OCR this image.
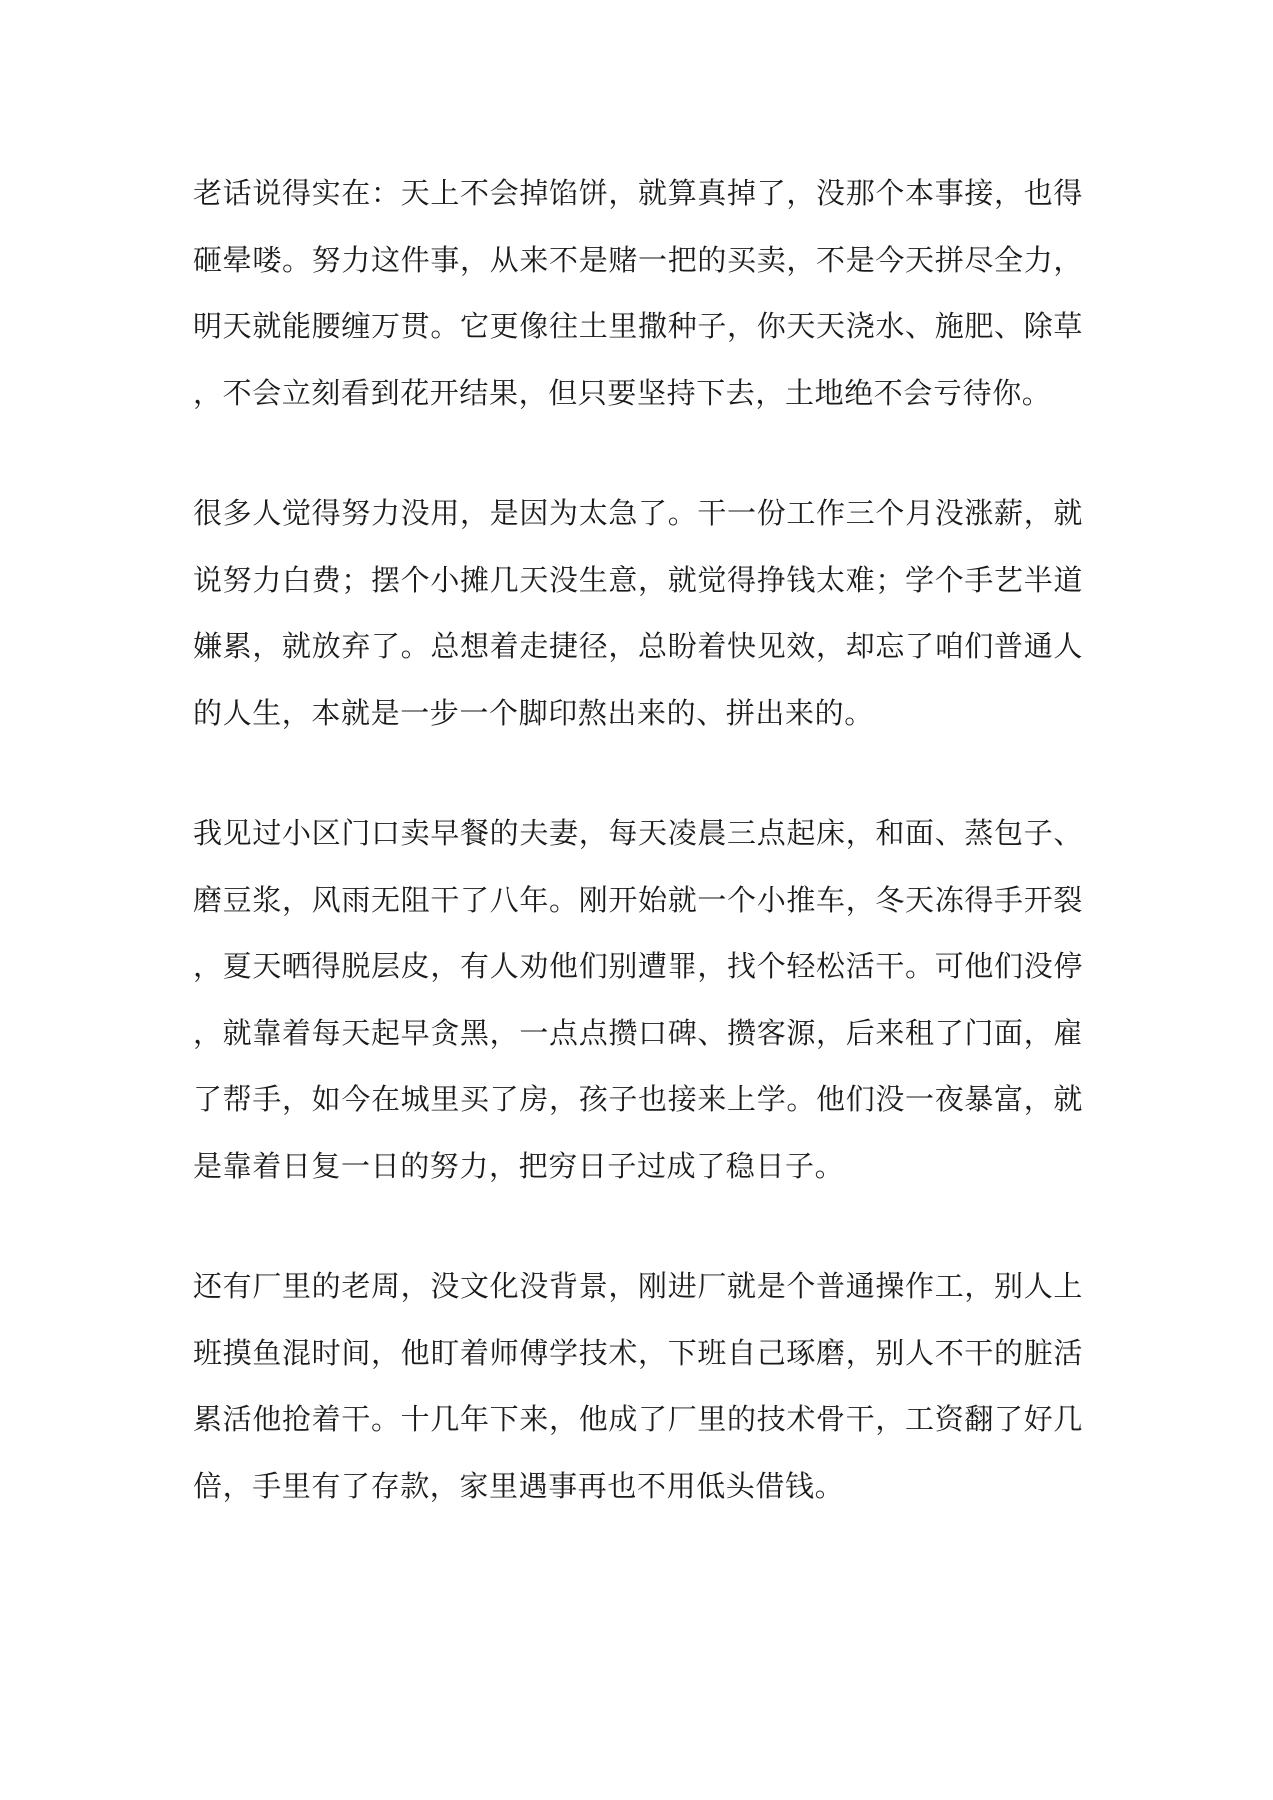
老话说得实在：天上不会掉馅饼，就算真掉了，没那个本事接，也得砸晕喽。努力这件事，从来不是赌一把的买卖，不是今天拼尽全力，明天就能腰缠万贯。它更像往土里撒种子，你天天浇水、施肥、除草，不会立刻看到花开结果，但只要坚持下去，土地绝不会亏待你。

很多人觉得努力没用，是因为太急了。干一份工作三个月没涨薪，就说努力白费；摆个小摊几天没生意，就觉得挣钱太难；学个手艺半道嫌累，就放弃了。总想着走捷径，总盼着快见效，却忘了咱们普通人的人生，本就是一步一个脚印熬出来的、拼出来的。

我见过小区门口卖早餐的夫妻，每天凌晨三点起床，和面、蒸包子、磨豆浆，风雨无阻干了八年。刚开始就一个小推车，冬天冻得手开裂，夏天晒得脱层皮，有人劝他们别遭罪，找个轻松活干。可他们没停，就靠着每天起早贪黑，一点点攒口碑、攒客源，后来租了门面，雇了帮手，如今在城里买了房，孩子也接来上学。他们没一夜暴富，就是靠着日复一日的努力，把穷日子过成了稳日子。

还有厂里的老周，没文化没背景，刚进厂就是个普通操作工，别人上班摸鱼混时间，他盯着师傅学技术，下班自己琢磨，别人不干的脏活累活他抢着干。十几年下来，他成了厂里的技术骨干，工资翻了好几倍，手里有了存款，家里遇事再也不用低头借钱。
